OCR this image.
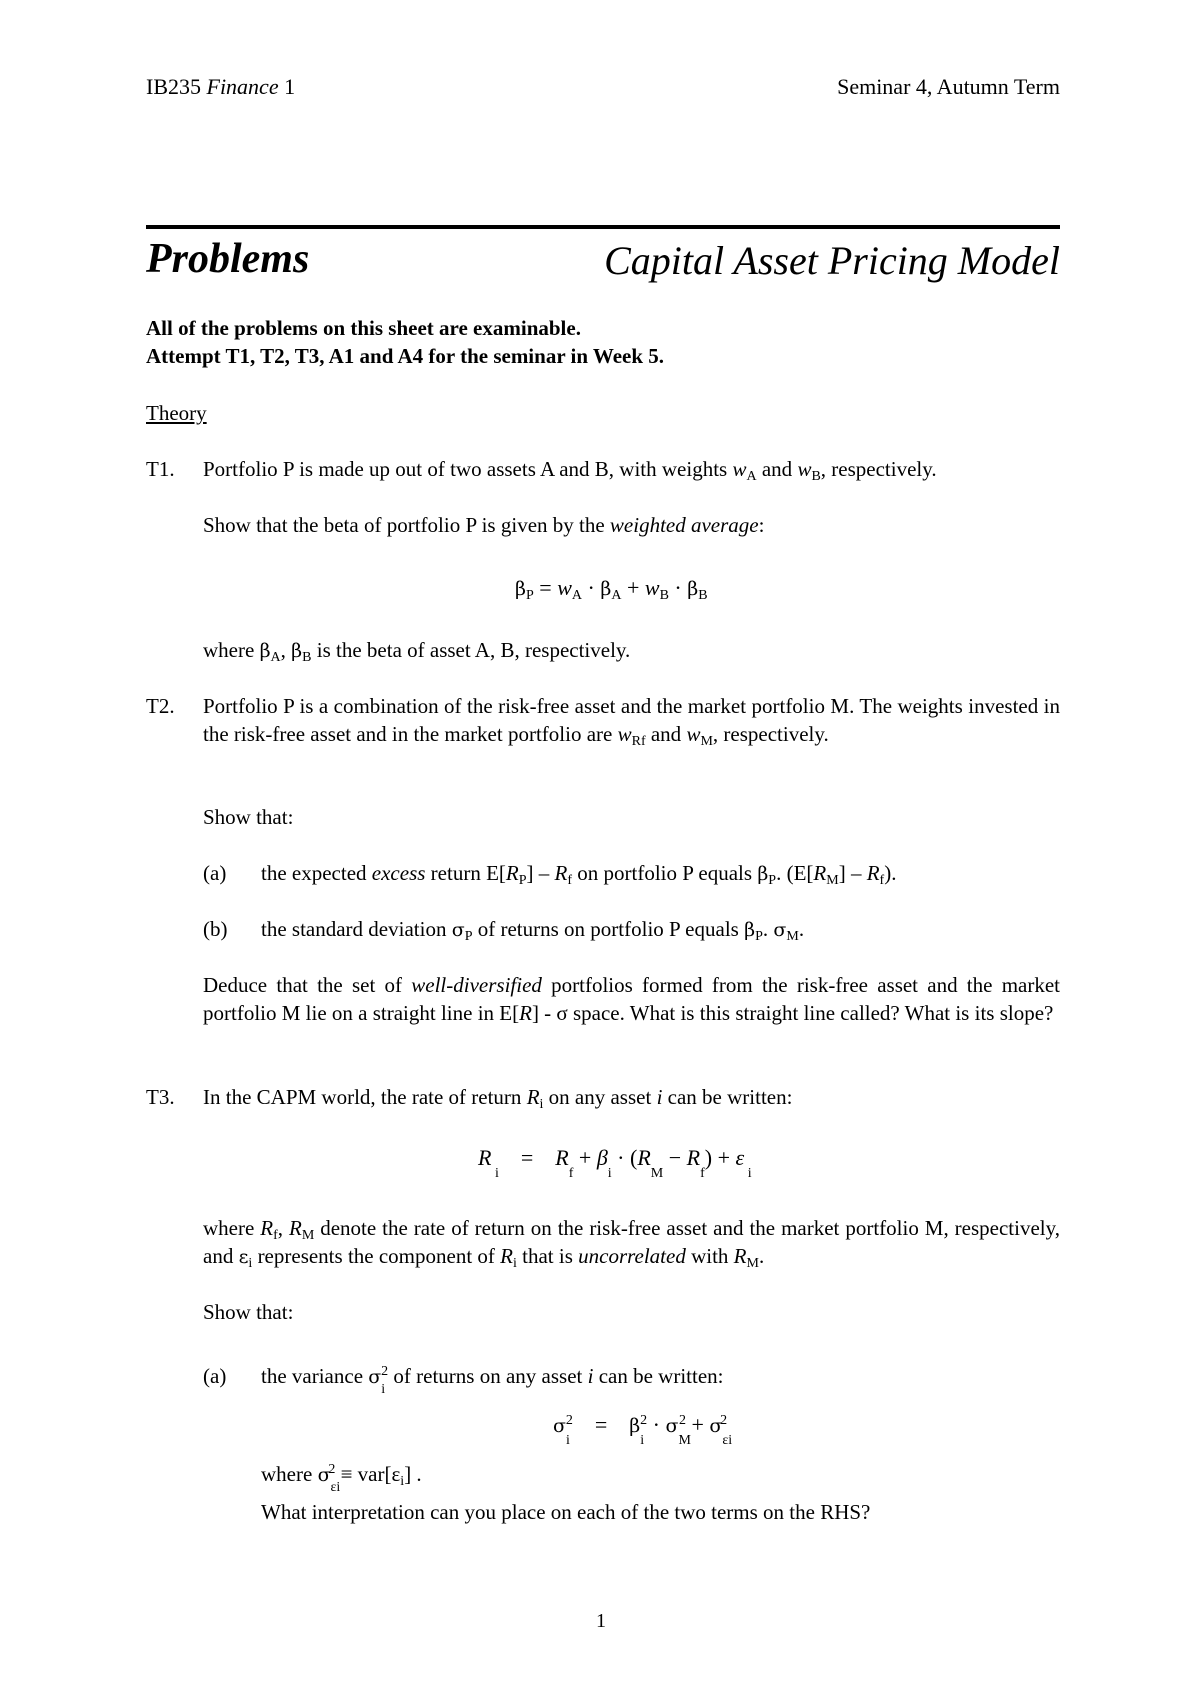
IB235 Finance 1	Seminar 4, Autumn Term
Problems	Capital Asset Pricing Model
All of the problems on this sheet are examinable.
Attempt T1, T2, T3, A1 and A4 for the seminar in Week 5.
Theory
T1. Portfolio P is made up out of two assets A and B, with weights $w_A$ and $w_B$, respectively.
Show that the beta of portfolio P is given by the weighted average:
$\beta_P = w_A \cdot \beta_A + w_B \cdot \beta_B$
where $\beta_A$, $\beta_B$ is the beta of asset A, B, respectively.
T2. Portfolio P is a combination of the risk-free asset and the market portfolio M. The weights invested in the risk-free asset and in the market portfolio are $w_{Rf}$ and $w_M$, respectively.
Show that:
(a) the expected excess return $E[R_P] - R_f$ on portfolio P equals $\beta_P$. $(E[R_M] - R_f)$.
(b) the standard deviation $\sigma_P$ of returns on portfolio P equals $\beta_P$. $\sigma_M$.
Deduce that the set of well-diversified portfolios formed from the risk-free asset and the market portfolio M lie on a straight line in E[R] - σ space. What is this straight line called? What is its slope?
T3. In the CAPM world, the rate of return $R_i$ on any asset i can be written:
R $_i$    =    $R_f + \beta_i \cdot (R_M - R_f) + \varepsilon$ $_i$
where $R_f$, $R_M$ denote the rate of return on the risk-free asset and the market portfolio M, respectively, and $\varepsilon_i$ represents the component of $R_i$ that is uncorrelated with $R_M$.
Show that:
(a) the variance $\sigma_i^2$ of returns on any asset i can be written:
$\sigma_i^2$    =    $\beta_i^2 \cdot \sigma_M^2 + \sigma_{\varepsilon i}^2$
where $\sigma_{\varepsilon i}^2 \equiv var[\varepsilon_i]$ .
What interpretation can you place on each of the two terms on the RHS?
1
